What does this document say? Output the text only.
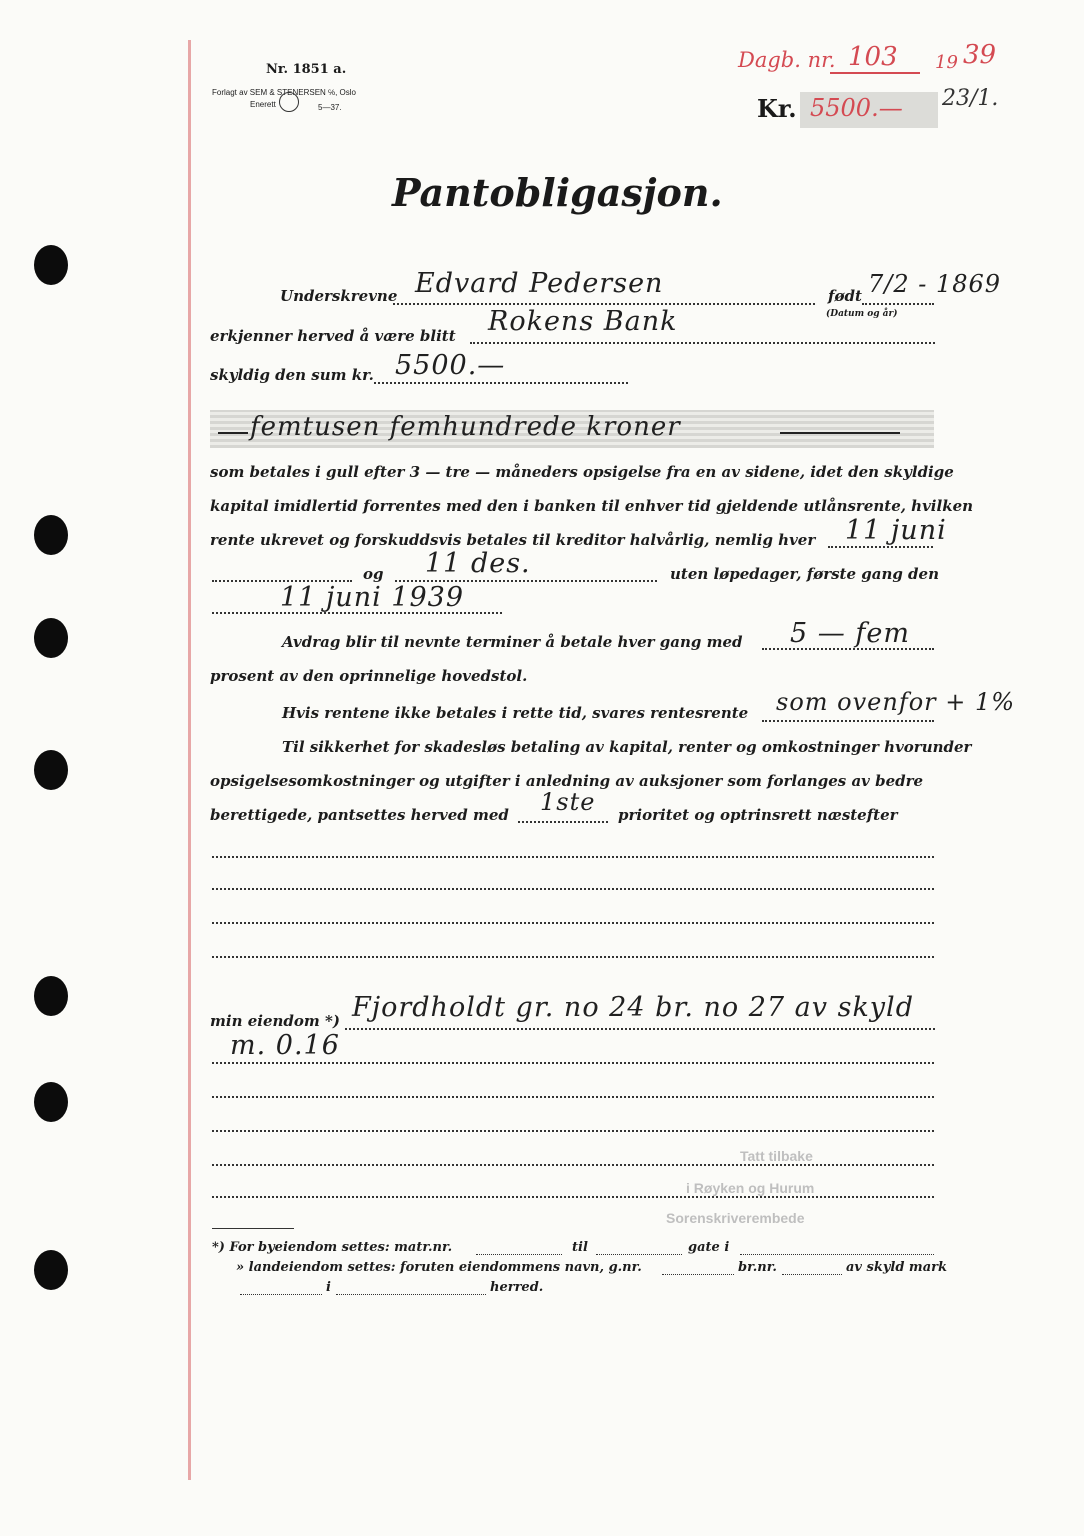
Nr. 1851 a.
Forlagt av SEM & STENERSEN ℅, Oslo
Enerett	5—37.
Dagb. nr. 103 19 39
Kr. 5500.— 23/1.
Pantobligasjon.
Underskrevne Edvard Pedersen	født 7/2 - 1869
(Datum og år)
erkjenner herved å være blitt Rokens Bank
skyldig den sum kr. 5500.—
femtusen femhundrede kroner
som betales i gull efter 3 — tre — måneders opsigelse fra en av sidene, idet den skyldige
kapital imidlertid forrentes med den i banken til enhver tid gjeldende utlånsrente, hvilken
rente ukrevet og forskuddsvis betales til kreditor halvårlig, nemlig hver 11 juni
og 11 des.	uten løpedager, første gang den
11 juni 1939
Avdrag blir til nevnte terminer å betale hver gang med 5 — fem
prosent av den oprinnelige hovedstol.
Hvis rentene ikke betales i rette tid, svares rentesrente som ovenfor + 1%
Til sikkerhet for skadesløs betaling av kapital, renter og omkostninger hvorunder
opsigelsesomkostninger og utgifter i anledning av auksjoner som forlanges av bedre
berettigede, pantsettes herved med 1ste prioritet og optrinsrett næstefter
min eiendom *) Fjordholdt gr. no 24 br. no 27 av skyld
m. 0.16
Tatt tilbake
i Røyken og Hurum
Sorenskriverembede
*) For byeiendom settes: matr.nr.	til	gate i
» landeiendom settes: foruten eiendommens navn, g.nr.	br.nr.	av skyld mark
i	herred.
